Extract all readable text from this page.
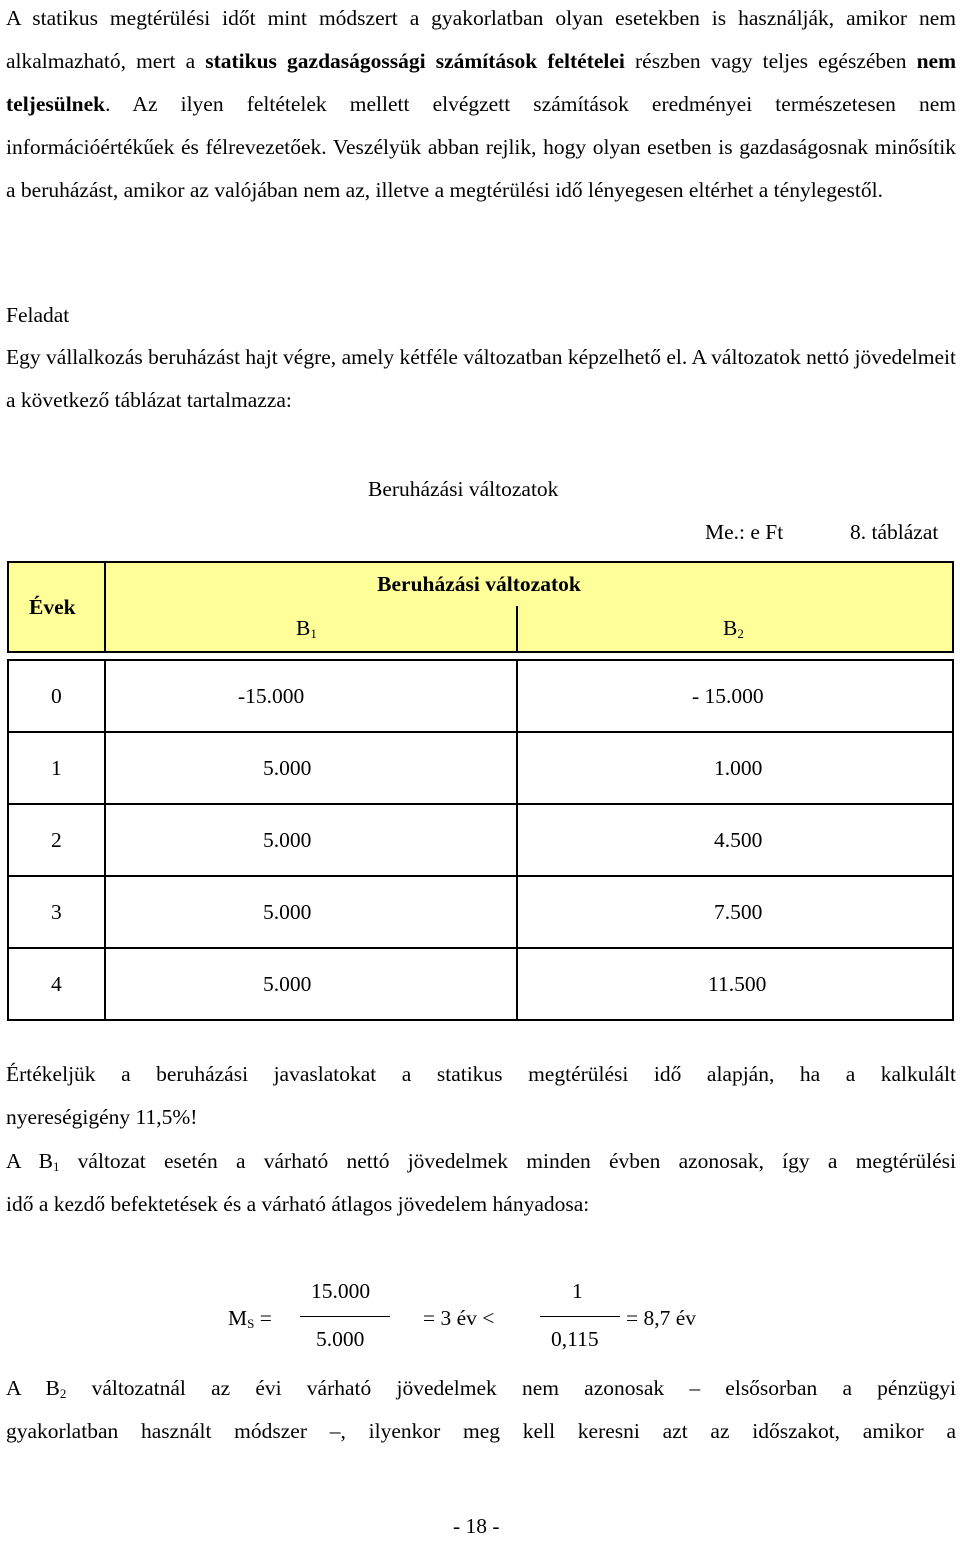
A statikus megtérülési időt mint módszert a gyakorlatban olyan esetekben is használják, amikor nem alkalmazható, mert a statikus gazdaságossági számítások feltételei részben vagy teljes egészében nem teljesülnek. Az ilyen feltételek mellett elvégzett számítások eredményei természetesen nem információértékűek és félrevezetőek. Veszélyük abban rejlik, hogy olyan esetben is gazdaságosnak minősítik a beruházást, amikor az valójában nem az, illetve a megtérülési idő lényegesen eltérhet a ténylegestől.

Feladat

Egy vállalkozás beruházást hajt végre, amely kétféle változatban képzelhető el. A változatok nettó jövedelmeit a következő táblázat tartalmazza:

Beruházási változatok
Me.: e Ft	8. táblázat
Évek	Beruházási változatok	
	$B_1$	$B_2$

0	-15.000	- 15.000
1	5.000	1.000
2	5.000	4.500
3	5.000	7.500
4	5.000	11.500
Értékeljük a beruházási javaslatokat a statikus megtérülési idő alapján, ha a kalkulált
nyereségigény 11,5%!
A $B_1$ változat esetén a várható nettó jövedelmek minden évben azonosak, így a megtérülési
idő a kezdő befektetések és a várható átlagos jövedelem hányadosa:
$M_S$ =
15.000
5.000
= 3 év <
1
0,115
= 8,7 év
A $B_2$ változatnál az évi várható jövedelmek nem azonosak – elsősorban a pénzügyi
gyakorlatban használt módszer –, ilyenkor meg kell keresni azt az időszakot, amikor a
- 18 -
